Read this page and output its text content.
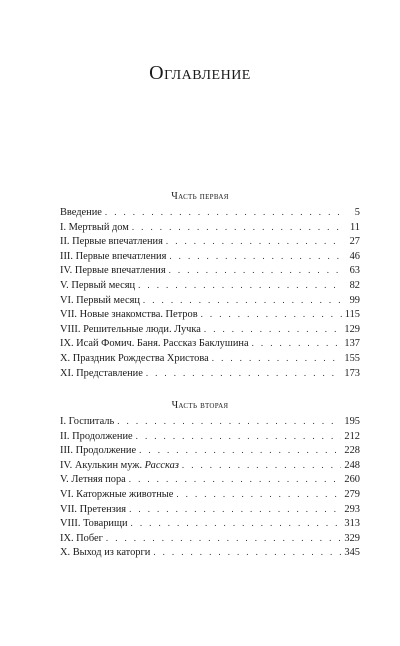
Оглавление
Часть первая
Введение . . .	5
I. Мертвый дом . . .	11
II. Первые впечатления . . .	27
III. Первые впечатления . . .	46
IV. Первые впечатления . . .	63
V. Первый месяц . . .	82
VI. Первый месяц . . .	99
VII. Новые знакомства. Петров . . .	115
VIII. Решительные люди. Лучка . . .	129
IX. Исай Фомич. Баня. Рассказ Баклушина . . .	137
X. Праздник Рождества Христова . . .	155
XI. Представление . . .	173
Часть вторая
I. Госпиталь . . .	195
II. Продолжение . . .	212
III. Продолжение . . .	228
IV. Акулькин муж. Рассказ . . .	248
V. Летняя пора . . .	260
VI. Каторжные животные . . .	279
VII. Претензия . . .	293
VIII. Товарищи . . .	313
IX. Побег . . .	329
X. Выход из каторги . . .	345
